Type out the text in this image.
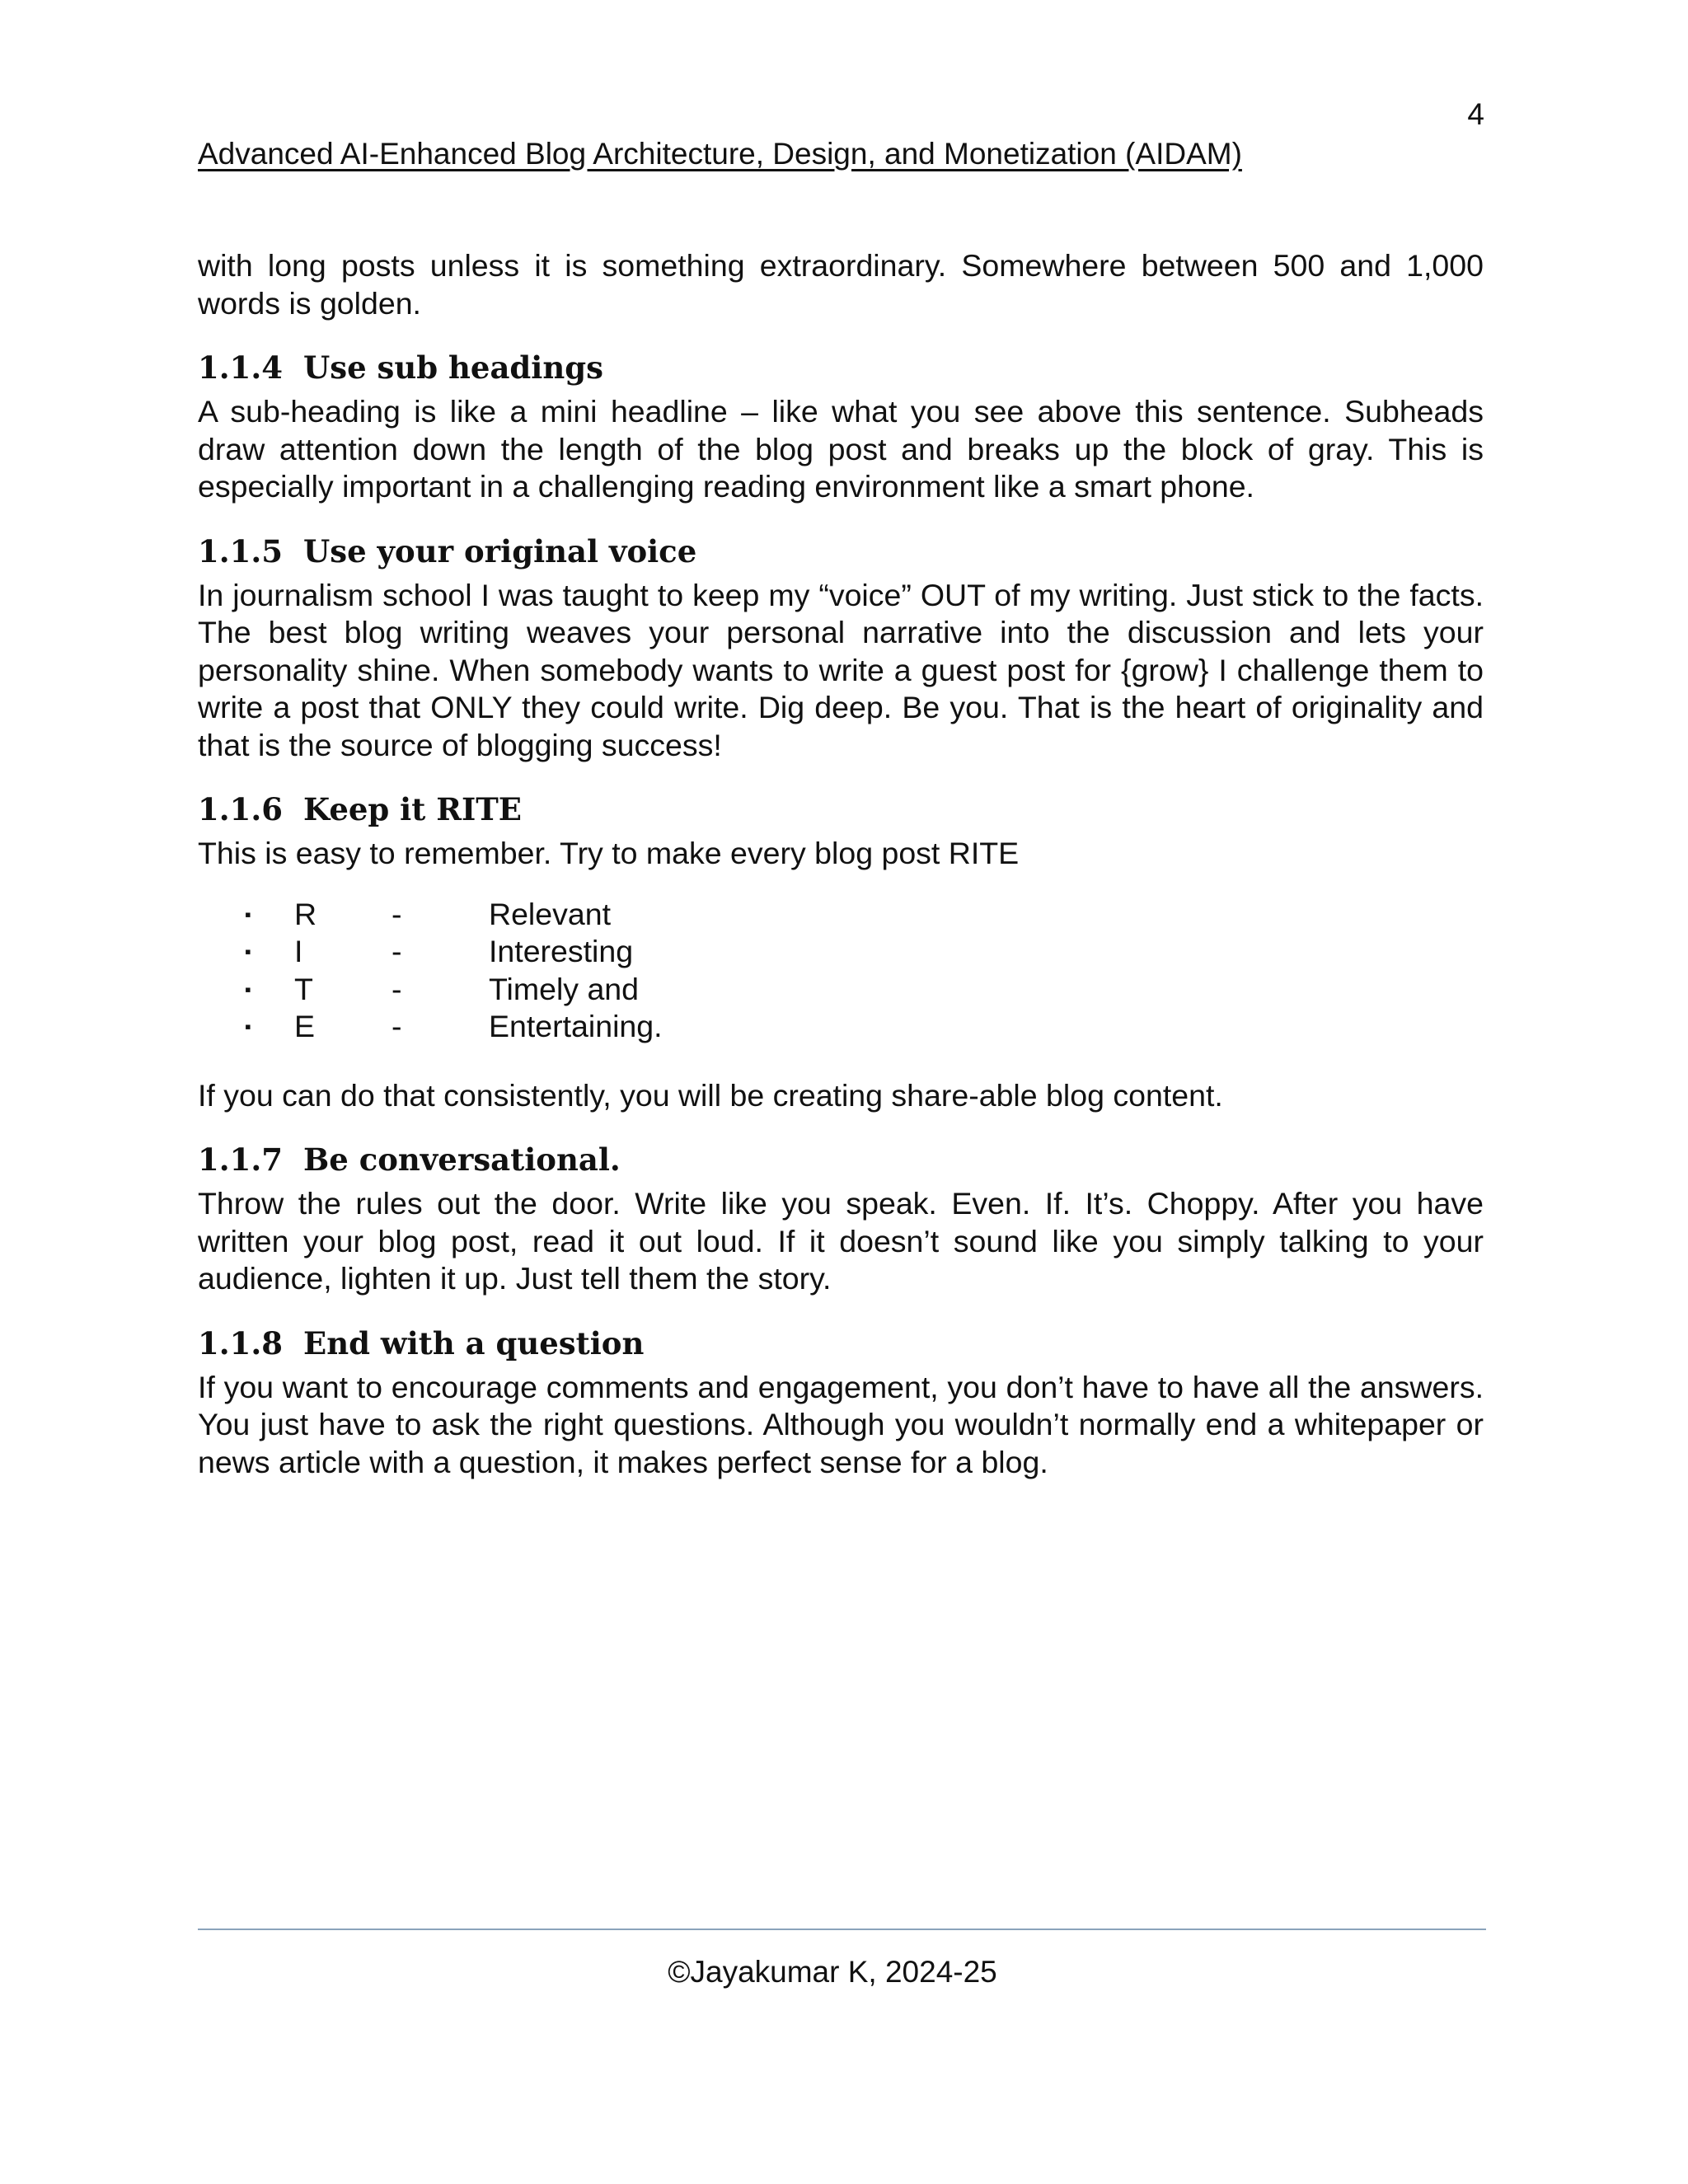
4
Advanced AI-Enhanced Blog Architecture, Design, and Monetization (AIDAM)

with long posts unless it is something extraordinary. Somewhere between 500 and 1,000 words is golden.

1.1.4 Use sub headings

A sub-heading is like a mini headline – like what you see above this sentence. Subheads draw attention down the length of the blog post and breaks up the block of gray. This is especially important in a challenging reading environment like a smart phone.

1.1.5 Use your original voice

In journalism school I was taught to keep my “voice” OUT of my writing. Just stick to the facts. The best blog writing weaves your personal narrative into the discussion and lets your personality shine. When somebody wants to write a guest post for {grow} I challenge them to write a post that ONLY they could write. Dig deep. Be you. That is the heart of originality and that is the source of blogging success!

1.1.6 Keep it RITE

This is easy to remember. Try to make every blog post RITE

▪	R	-	Relevant
▪	I	-	Interesting
▪	T	-	Timely and
▪	E	-	Entertaining.

If you can do that consistently, you will be creating share-able blog content.

1.1.7 Be conversational.

Throw the rules out the door. Write like you speak. Even. If. It’s. Choppy. After you have written your blog post, read it out loud. If it doesn’t sound like you simply talking to your audience, lighten it up. Just tell them the story.

1.1.8 End with a question

If you want to encourage comments and engagement, you don’t have to have all the answers. You just have to ask the right questions. Although you wouldn’t normally end a whitepaper or news article with a question, it makes perfect sense for a blog.

©Jayakumar K, 2024-25
